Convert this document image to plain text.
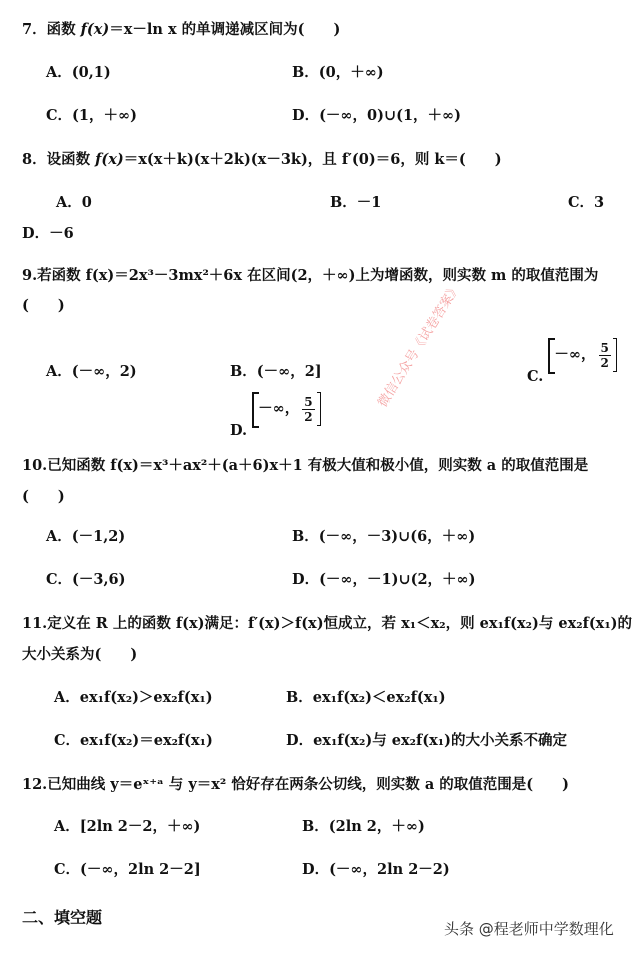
7．函数 f(x)＝x－ln x 的单调递减区间为(　　)
A．(0,1)	B．(0，＋∞)
C．(1，＋∞)	D．(－∞，0)∪(1，＋∞)
8．设函数 f(x)＝x(x＋k)(x＋2k)(x－3k)，且 f′(0)＝6，则 k＝(　　)
A．0	B．－1	C．3
D．－6
9.若函数 f(x)＝2x³－3mx²＋6x 在区间(2，＋∞)上为增函数，则实数 m 的取值范围为
(　　)
A．(－∞，2)	B．(－∞，2]	C.
－∞， $\frac{5}{2}$
D.
－∞， $\frac{5}{2}$	微信公众号《试卷答案》
10.已知函数 f(x)＝x³＋ax²＋(a＋6)x＋1 有极大值和极小值，则实数 a 的取值范围是
(　　)
A．(－1,2)	B．(－∞，－3)∪(6，＋∞)
C．(－3,6)	D．(－∞，－1)∪(2，＋∞)
11.定义在 R 上的函数 f(x)满足：f′(x)＞f(x)恒成立，若 x₁＜x₂，则 ex₁f(x₂)与 ex₂f(x₁)的
大小关系为(　　)
A．ex₁f(x₂)＞ex₂f(x₁)	B．ex₁f(x₂)＜ex₂f(x₁)
C．ex₁f(x₂)＝ex₂f(x₁)	D．ex₁f(x₂)与 ex₂f(x₁)的大小关系不确定
12.已知曲线 y＝eˣ⁺ᵃ 与 y＝x² 恰好存在两条公切线，则实数 a 的取值范围是(　　)
A．[2ln 2－2，＋∞)	B．(2ln 2，＋∞)
C．(－∞，2ln 2－2]	D．(－∞，2ln 2－2)
二、填空题
头条 @程老师中学数理化
